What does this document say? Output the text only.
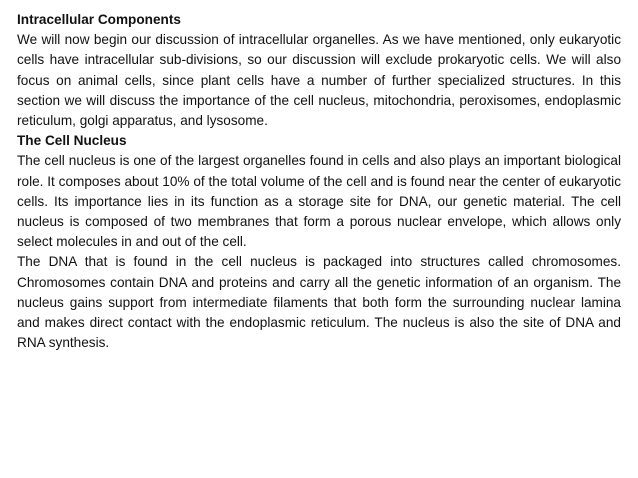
Intracellular Components

We will now begin our discussion of intracellular organelles. As we have mentioned, only eukaryotic cells have intracellular sub-divisions, so our discussion will exclude prokaryotic cells. We will also focus on animal cells, since plant cells have a number of further specialized structures. In this section we will discuss the importance of the cell nucleus, mitochondria, peroxisomes, endoplasmic reticulum, golgi apparatus, and lysosome.

The Cell Nucleus

The cell nucleus is one of the largest organelles found in cells and also plays an important biological role. It composes about 10% of the total volume of the cell and is found near the center of eukaryotic cells. Its importance lies in its function as a storage site for DNA, our genetic material. The cell nucleus is composed of two membranes that form a porous nuclear envelope, which allows only select molecules in and out of the cell.

The DNA that is found in the cell nucleus is packaged into structures called chromosomes. Chromosomes contain DNA and proteins and carry all the genetic information of an organism. The nucleus gains support from intermediate filaments that both form the surrounding nuclear lamina and makes direct contact with the endoplasmic reticulum. The nucleus is also the site of DNA and RNA synthesis.
